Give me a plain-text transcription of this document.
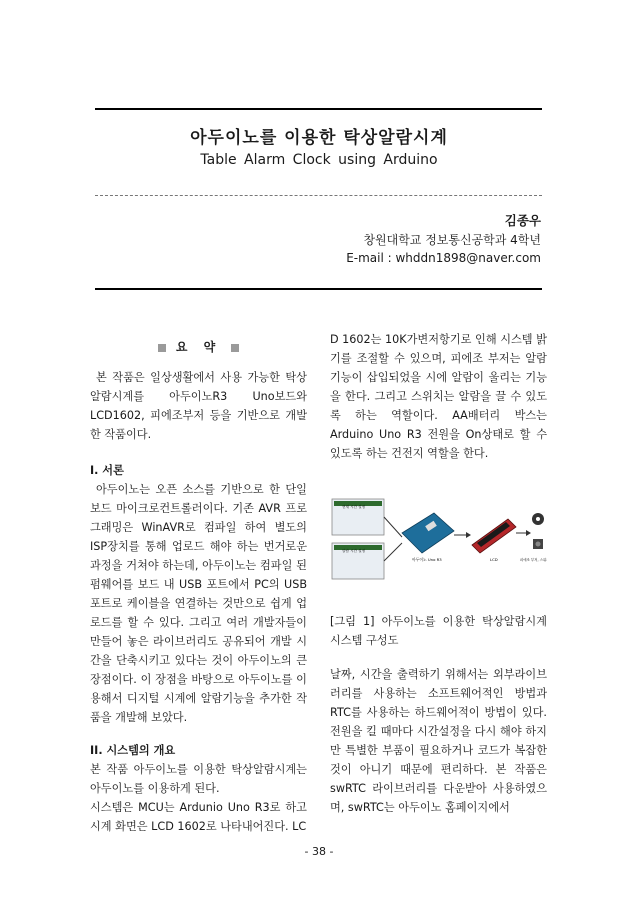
아두이노를 이용한 탁상알람시계
Table Alarm Clock using Arduino
김종우
창원대학교 정보통신공학과 4학년
E-mail : whddn1898@naver.com
요 약

본 작품은 일상생활에서 사용 가능한 탁상알람시계를 아두이노R3 Uno보드와 LCD1602, 피에조부저 등을 기반으로 개발한 작품이다.

I. 서론

아두이노는 오픈 소스를 기반으로 한 단일 보드 마이크로컨트롤러이다. 기존 AVR 프로그래밍은 WinAVR로 컴파일 하여 별도의 ISP장치를 통해 업로드 해야 하는 번거로운 과정을 거쳐야 하는데, 아두이노는 컴파일 된 펌웨어를 보드 내 USB 포트에서 PC의 USB 포트로 케이블을 연결하는 것만으로 쉽게 업로드를 할 수 있다. 그리고 여러 개발자들이 만들어 놓은 라이브러리도 공유되어 개발 시간을 단축시키고 있다는 것이 아두이노의 큰 장점이다. 이 장점을 바탕으로 아두이노를 이용해서 디지털 시계에 알람기능을 추가한 작품을 개발해 보았다.

II. 시스템의 개요

본 작품 아두이노를 이용한 탁상알람시계는 아두이노를 이용하게 된다.

시스템은 MCU는 Ardunio Uno R3로 하고 시계 화면은 LCD 1602로 나타내어진다. LC

D 1602는 10K가변저항기로 인해 시스템 밝기를 조절할 수 있으며, 피에조 부저는 알람기능이 삽입되었을 시에 알람이 울리는 기능을 한다. 그리고 스위치는 알람을 끌 수 있도록 하는 역할이다. AA배터리 박스는 Arduino Uno R3 전원을 On상태로 할 수 있도록 하는 건전지 역할을 한다.

현재 시간 설정
알람 시간 설정
아두이노 Uno R3	LCD	피에조 부저, 스위치

[그림 1] 아두이노를 이용한 탁상알람시계 시스템 구성도

날짜, 시간을 출력하기 위해서는 외부라이브러리를 사용하는 소프트웨어적인 방법과 RTC를 사용하는 하드웨어적이 방법이 있다. 전원을 킬 때마다 시간설정을 다시 해야 하지만 특별한 부품이 필요하거나 코드가 복잡한 것이 아니기 때문에 편리하다. 본 작품은 swRTC 라이브러리를 다운받아 사용하였으며, swRTC는 아두이노 홈페이지에서

- 38 -
